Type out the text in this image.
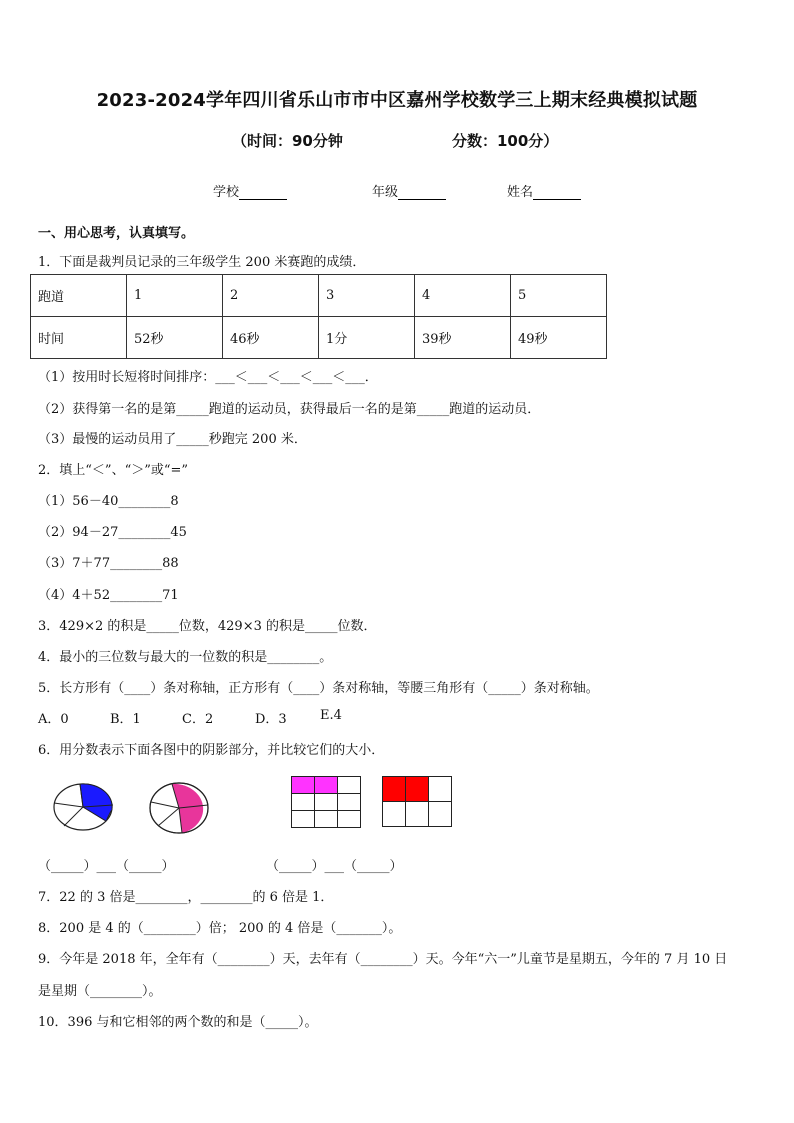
2023-2024学年四川省乐山市市中区嘉州学校数学三上期末经典模拟试题
（时间：90分钟	分数：100分）
学校	年级	姓名
一、用心思考，认真填写。
1．下面是裁判员记录的三年级学生 200 米赛跑的成绩．
跑道	1	2	3	4	5
时间	52秒	46秒	1分	39秒	49秒
（1）按用时长短将时间排序：___＜___＜___＜___＜___．
（2）获得第一名的是第_____跑道的运动员，获得最后一名的是第_____跑道的运动员．
（3）最慢的运动员用了_____秒跑完 200 米．
2．填上“＜”、“＞”或“=”
（1）56－40________8
（2）94－27________45
（3）7＋77________88
（4）4＋52________71
3．429×2 的积是_____位数，429×3 的积是_____位数．
4．最小的三位数与最大的一位数的积是________。
5．长方形有（____）条对称轴，正方形有（____）条对称轴，等腰三角形有（_____）条对称轴。
A．0	B．1	C．2	D．3	E.4
6．用分数表示下面各图中的阴影部分，并比较它们的大小．

（_____）___（_____）	（_____）___（_____）
7．22 的 3 倍是________，________的 6 倍是 1．
8．200 是 4 的（________）倍； 200 的 4 倍是（_______）。
9．今年是 2018 年，全年有（________）天，去年有（________）天。今年“六一”儿童节是星期五，今年的 7 月 10 日
是星期（________）。
10．396 与和它相邻的两个数的和是（_____）。
